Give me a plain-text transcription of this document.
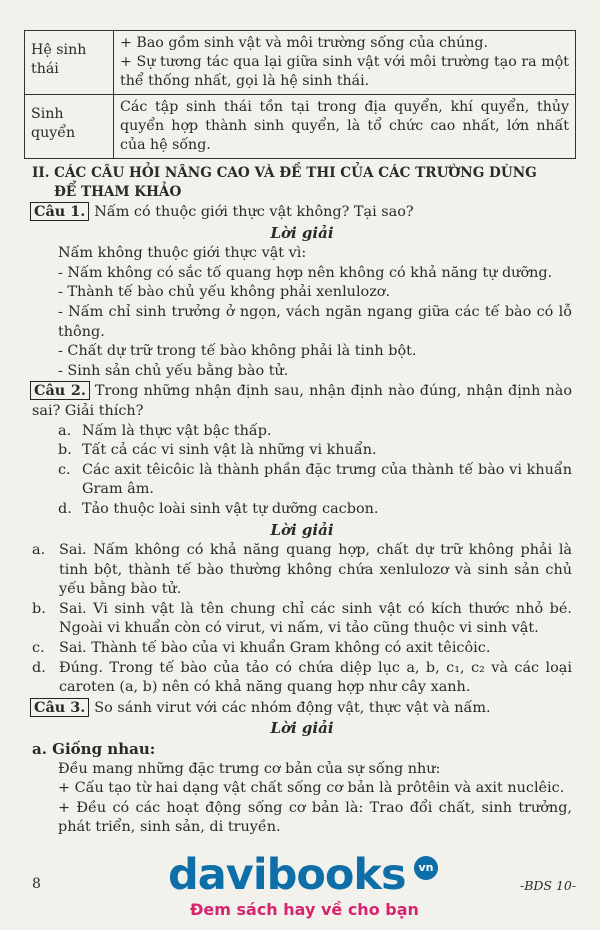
Hệ sinh thái	+ Bao gồm sinh vật và môi trường sống của chúng.
+ Sự tương tác qua lại giữa sinh vật với môi trường tạo ra một thể thống nhất, gọi là hệ sinh thái.

Sinh quyển	Các tập sinh thái tồn tại trong địa quyển, khí quyển, thủy quyển hợp thành sinh quyển, là tổ chức cao nhất, lớn nhất của hệ sống.
II. CÁC CÂU HỎI NÂNG CAO VÀ ĐỀ THI CỦA CÁC TRƯỜNG DÙNG
ĐỂ THAM KHẢO
Câu 1. Nấm có thuộc giới thực vật không? Tại sao?
Lời giải
Nấm không thuộc giới thực vật vì:
- Nấm không có sắc tố quang hợp nên không có khả năng tự dưỡng.
- Thành tế bào chủ yếu không phải xenlulozơ.
- Nấm chỉ sinh trưởng ở ngọn, vách ngăn ngang giữa các tế bào có lỗ thông.
- Chất dự trữ trong tế bào không phải là tinh bột.
- Sinh sản chủ yếu bằng bào tử.
Câu 2. Trong những nhận định sau, nhận định nào đúng, nhận định nào sai? Giải thích?
a. Nấm là thực vật bậc thấp.
b. Tất cả các vi sinh vật là những vi khuẩn.
c. Các axit têicôic là thành phần đặc trưng của thành tế bào vi khuẩn Gram âm.
d. Tảo thuộc loài sinh vật tự dưỡng cacbon.
Lời giải
a. Sai. Nấm không có khả năng quang hợp, chất dự trữ không phải là tinh bột, thành tế bào thường không chứa xenlulozơ và sinh sản chủ yếu bằng bào tử.
b. Sai. Vi sinh vật là tên chung chỉ các sinh vật có kích thước nhỏ bé. Ngoài vi khuẩn còn có virut, vi nấm, vi tảo cũng thuộc vi sinh vật.
c. Sai. Thành tế bào của vi khuẩn Gram không có axit têicôic.
d. Đúng. Trong tế bào của tảo có chứa diệp lục a, b, c₁, c₂ và các loại caroten (a, b) nên có khả năng quang hợp như cây xanh.
Câu 3. So sánh virut với các nhóm động vật, thực vật và nấm.
Lời giải
a. Giống nhau:
Đều mang những đặc trưng cơ bản của sự sống như:
+ Cấu tạo từ hai dạng vật chất sống cơ bản là prôtêin và axit nuclêic.
+ Đều có các hoạt động sống cơ bản là: Trao đổi chất, sinh trưởng, phát triển, sinh sản, di truyền.
8	-BDS 10-
davibooks	vn
Đem sách hay về cho bạn
